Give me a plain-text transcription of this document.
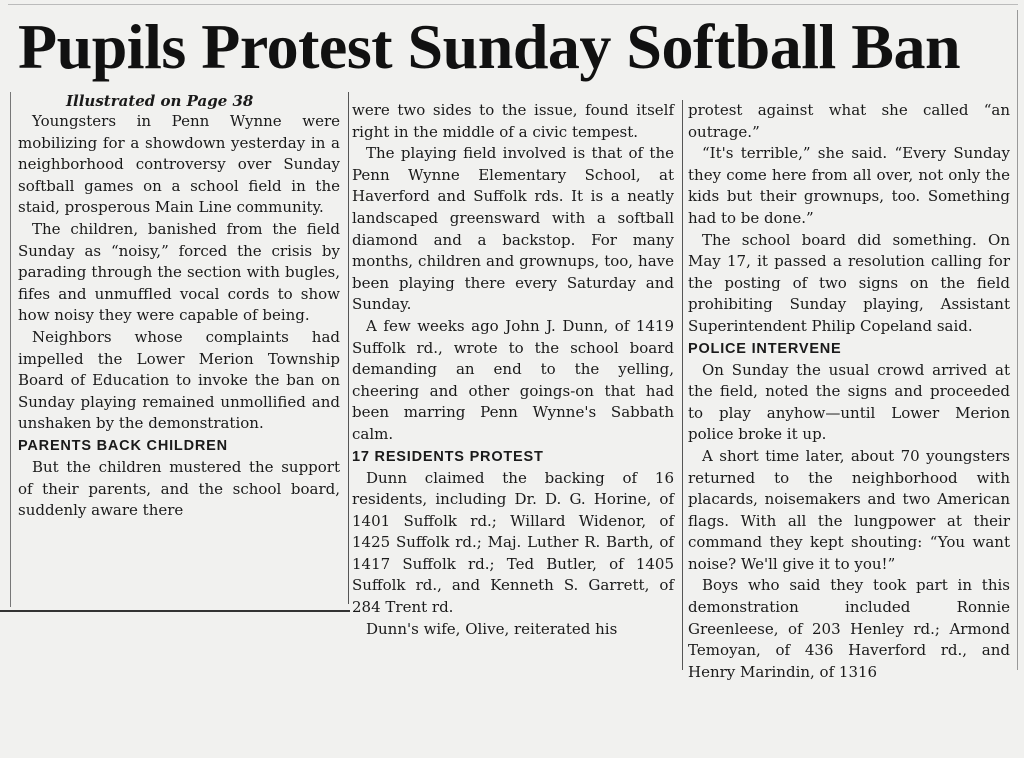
Pupils Protest Sunday Softball Ban

Illustrated on Page 38

Youngsters in Penn Wynne were mobilizing for a showdown yesterday in a neighborhood controversy over Sunday softball games on a school field in the staid, prosperous Main Line community.

The children, banished from the field Sunday as “noisy,” forced the crisis by parading through the section with bugles, fifes and unmuffled vocal cords to show how noisy they were capable of being.

Neighbors whose complaints had impelled the Lower Merion Township Board of Education to invoke the ban on Sunday playing remained unmollified and unshaken by the demonstration.

PARENTS BACK CHILDREN

But the children mustered the support of their parents, and the school board, suddenly aware there

were two sides to the issue, found itself right in the middle of a civic tempest.

The playing field involved is that of the Penn Wynne Elementary School, at Haverford and Suffolk rds. It is a neatly landscaped greensward with a softball diamond and a backstop. For many months, children and grownups, too, have been playing there every Saturday and Sunday.

A few weeks ago John J. Dunn, of 1419 Suffolk rd., wrote to the school board demanding an end to the yelling, cheering and other goings-on that had been marring Penn Wynne's Sabbath calm.

17 RESIDENTS PROTEST

Dunn claimed the backing of 16 residents, including Dr. D. G. Horine, of 1401 Suffolk rd.; Willard Widenor, of 1425 Suffolk rd.; Maj. Luther R. Barth, of 1417 Suffolk rd.; Ted Butler, of 1405 Suffolk rd., and Kenneth S. Garrett, of 284 Trent rd.

Dunn's wife, Olive, reiterated his

protest against what she called “an outrage.”

“It's terrible,” she said. “Every Sunday they come here from all over, not only the kids but their grownups, too. Something had to be done.”

The school board did something. On May 17, it passed a resolution calling for the posting of two signs on the field prohibiting Sunday playing, Assistant Superintendent Philip Copeland said.

POLICE INTERVENE

On Sunday the usual crowd arrived at the field, noted the signs and proceeded to play anyhow—until Lower Merion police broke it up.

A short time later, about 70 youngsters returned to the neighborhood with placards, noisemakers and two American flags. With all the lungpower at their command they kept shouting: “You want noise? We'll give it to you!”

Boys who said they took part in this demonstration included Ronnie Greenleese, of 203 Henley rd.; Armond Temoyan, of 436 Haverford rd., and Henry Marindin, of 1316
